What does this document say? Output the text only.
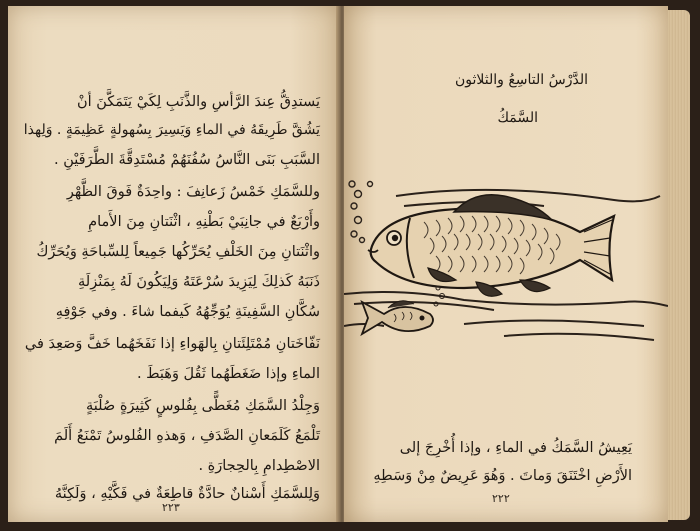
يَستدِقُّ عِندَ الرَّأسِ والذَّنَبِ لِكَيْ يَتَمَكَّنَ أنْ
يَشُقَّ طَرِيقَهُ في الماءِ وَيَسِيرَ بِسُهولةٍ عَظِيمَةٍ . وَلِهذا
السَّبَبِ بَنَى النَّاسُ سُفُنَهُمْ مُسْتَدِقَّةَ الطَّرَفَيْنِ .
وللسَّمَكِ خَمْسُ زَعانِفَ : واحِدَةٌ فَوقَ الظَّهْرِ
وأَرْبَعٌ في جانِبَيْ بَطْنِهِ ، اثْنَتانِ مِنَ الأَمامِ
واثْنَتانِ مِنَ الخَلْفِ يُحَرِّكُها جَمِيعاً لِلسِّباحَةِ وَيُحَرِّكُ
ذَنَبَهُ كَذلِكَ لِيَزِيدَ سُرْعَتَهُ وَلِيَكُونَ لَهُ بِمَنْزِلَةِ
سُكَّانِ السَّفِينَةِ يُوَجِّهُهُ كَيفما شاءَ . وفي جَوْفِهِ
نَفّاخَتانِ مُمْتَلِئَتانِ بِالهَواءِ إذا نَفَخَهُما خَفَّ وَصَعِدَ في
الماءِ وإذا ضَغَطَهُما ثَقُلَ وَهَبَطَ .
وَجِلْدُ السَّمَكِ مُغَطًّى بِفُلوسٍ كَثِيرَةٍ صُلْبَةٍ
تَلْمَعُ كَلَمَعانِ الصَّدَفِ ، وَهذهِ الفُلوسُ تَمْنَعُ أَلَمَ
الاصْطِدامِ بِالحِجارَةِ .
وَلِلسَّمَكِ أَسْنانٌ حادَّةٌ قاطِعَةٌ في فَكَّيْهِ ، وَلَكِنَّهُ
٢٢٣
الدَّرْسُ التاسِعُ والثلاثون
السَّمَكُ
يَعِيشُ السَّمَكُ في الماءِ ، وإذا أُخْرِجَ إلى
الأَرْضِ اخْتَنَقَ وَماتَ . وَهُوَ عَرِيضٌ مِنْ وَسَطِهِ
٢٢٢
